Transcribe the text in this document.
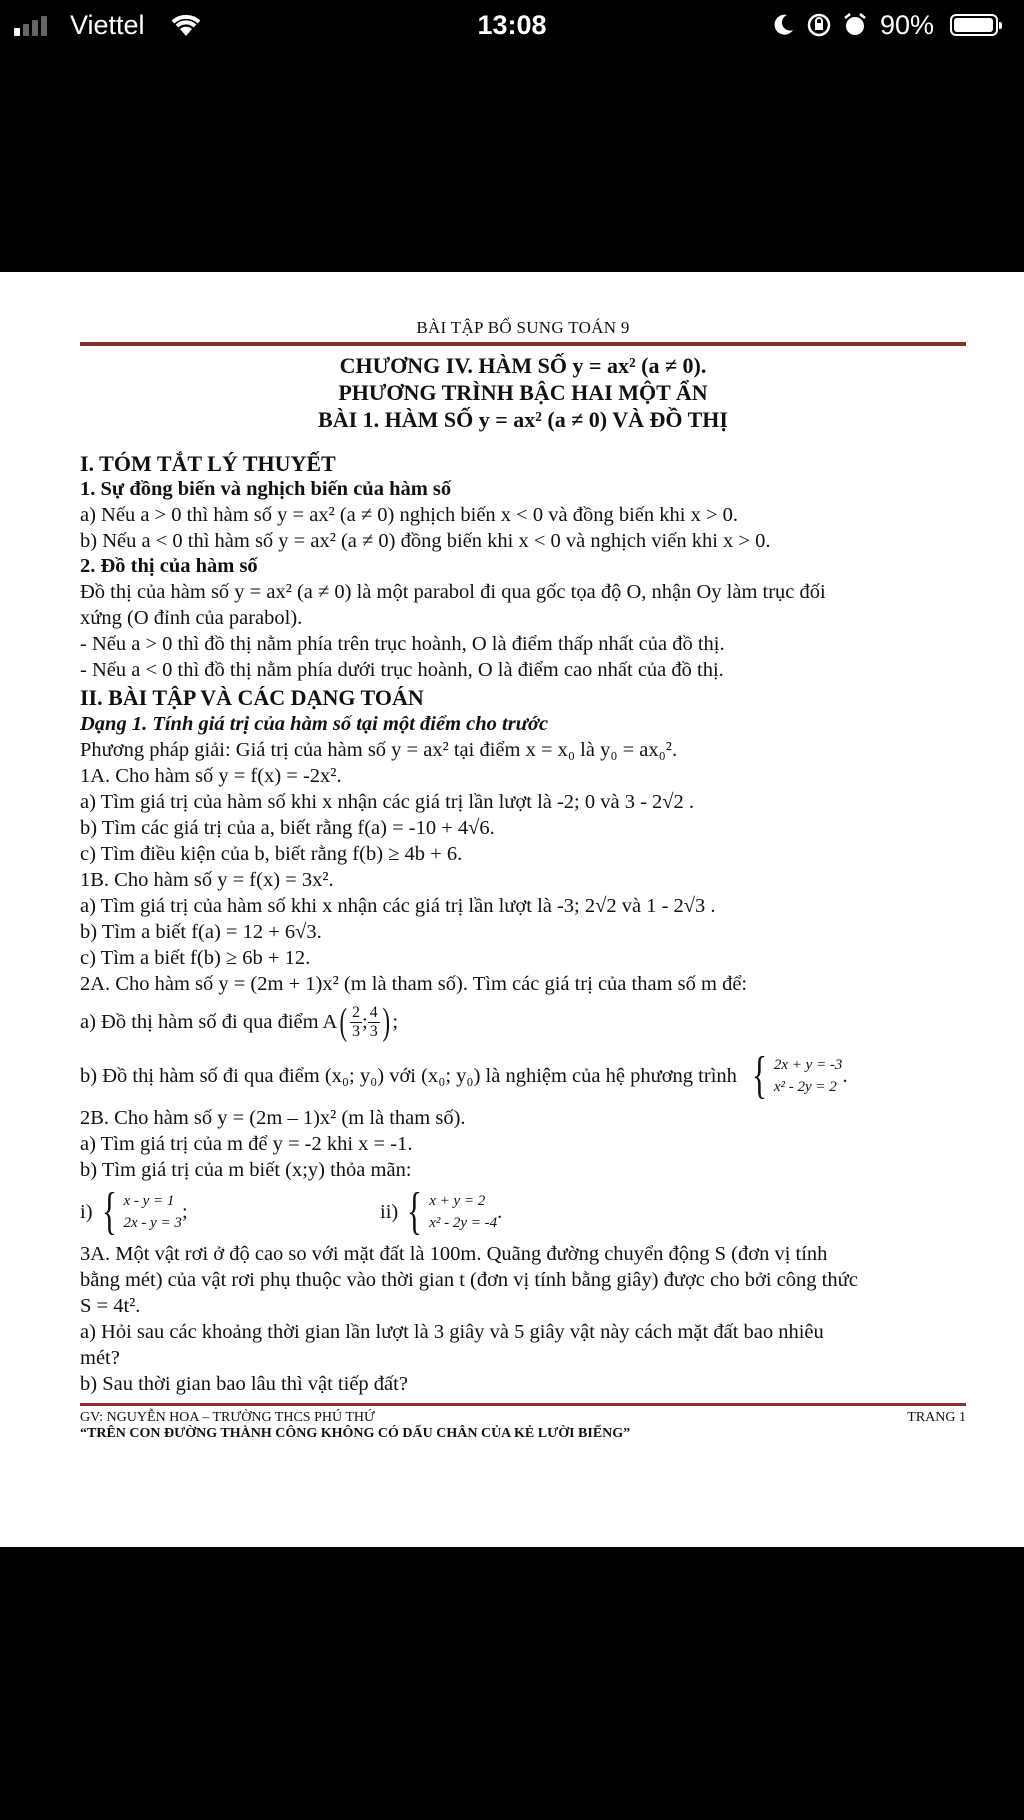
Viettel	13:08	90%
BÀI TẬP BỔ SUNG TOÁN 9
CHƯƠNG IV. HÀM SỐ y = ax² (a ≠ 0).
PHƯƠNG TRÌNH BẬC HAI MỘT ẨN
BÀI 1. HÀM SỐ y = ax² (a ≠ 0) VÀ ĐỒ THỊ
I. TÓM TẮT LÝ THUYẾT
1. Sự đồng biến và nghịch biến của hàm số
a) Nếu a > 0 thì hàm số y = ax² (a ≠ 0) nghịch biến x < 0 và đồng biến khi x > 0.
b) Nếu a < 0 thì hàm số y = ax² (a ≠ 0) đồng biến khi x < 0 và nghịch viến khi x > 0.
2. Đồ thị của hàm số
Đồ thị của hàm số y = ax² (a ≠ 0) là một parabol đi qua gốc tọa độ O, nhận Oy làm trục đối
xứng (O đỉnh của parabol).
- Nếu a > 0 thì đồ thị nằm phía trên trục hoành, O là điểm thấp nhất của đồ thị.
- Nếu a < 0 thì đồ thị nằm phía dưới trục hoành, O là điểm cao nhất của đồ thị.
II. BÀI TẬP VÀ CÁC DẠNG TOÁN
Dạng 1. Tính giá trị của hàm số tại một điểm cho trước
Phương pháp giải: Giá trị của hàm số y = ax² tại điểm x = x₀ là y₀ = ax₀².
1A. Cho hàm số y = f(x) = -2x².
a) Tìm giá trị của hàm số khi x nhận các giá trị lần lượt là -2; 0 và 3 - 2√2 .
b) Tìm các giá trị của a, biết rằng f(a) = -10 + 4√6.
c) Tìm điều kiện của b, biết rằng f(b) ≥ 4b + 6.
1B. Cho hàm số y = f(x) = 3x².
a) Tìm giá trị của hàm số khi x nhận các giá trị lần lượt là -3; 2√2 và 1 - 2√3 .
b) Tìm a biết f(a) = 12 + 6√3.
c) Tìm a biết f(b) ≥ 6b + 12.
2A. Cho hàm số y = (2m + 1)x² (m là tham số). Tìm các giá trị của tham số m để:
a) Đồ thị hàm số đi qua điểm A ( $\frac{2}{3}$ ; $\frac{4}{3}$ ) ;
b) Đồ thị hàm số đi qua điểm (x₀; y₀) với (x₀; y₀) là nghiệm của hệ phương trình { 2x + y = -3
x² - 2y = 2
.
2B. Cho hàm số y = (2m – 1)x² (m là tham số).
a) Tìm giá trị của m để y = -2 khi x = -1.
b) Tìm giá trị của m biết (x;y) thỏa mãn:
i) { x - y = 1
2x - y = 3
;	ii) { x + y = 2
x² - 2y = -4
.
3A. Một vật rơi ở độ cao so với mặt đất là 100m. Quãng đường chuyển động S (đơn vị tính
bằng mét) của vật rơi phụ thuộc vào thời gian t (đơn vị tính bằng giây) được cho bởi công thức
S = 4t².
a) Hỏi sau các khoảng thời gian lần lượt là 3 giây và 5 giây vật này cách mặt đất bao nhiêu
mét?
b) Sau thời gian bao lâu thì vật tiếp đất?
GV: NGUYỄN HOA – TRƯỜNG THCS PHÚ THỨ	TRANG 1
“TRÊN CON ĐƯỜNG THÀNH CÔNG KHÔNG CÓ DẤU CHÂN CỦA KẺ LƯỜI BIẾNG”
